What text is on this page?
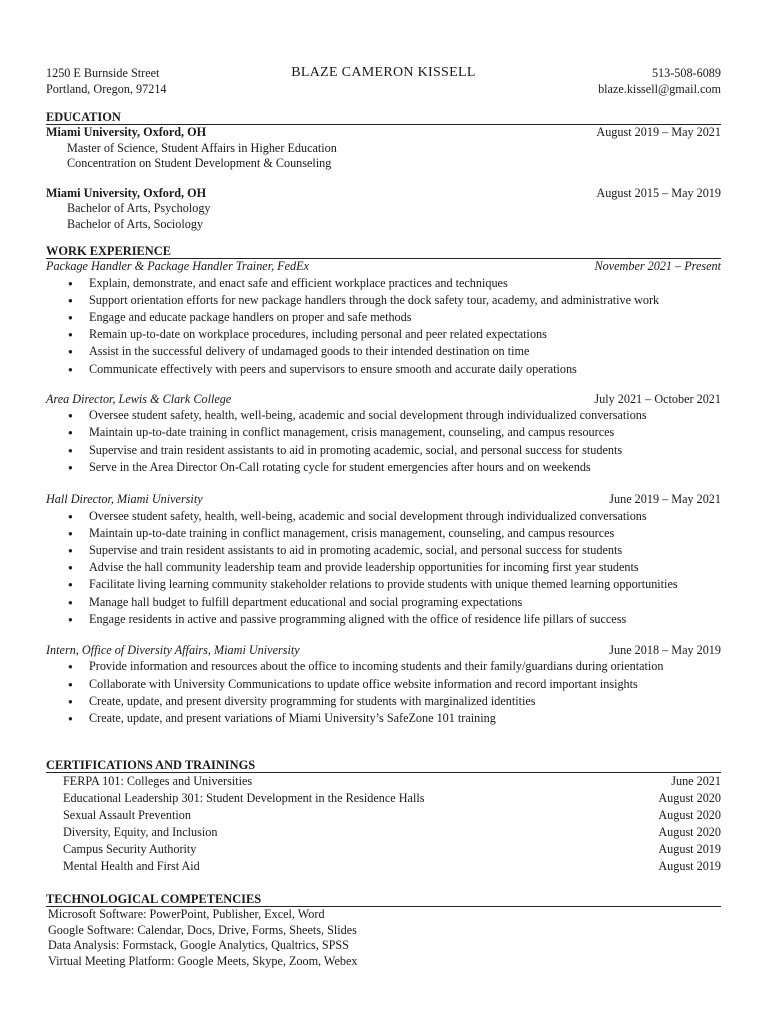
1250 E Burnside Street
Portland, Oregon, 97214
BLAZE CAMERON KISSELL	513-508-6089
blaze.kissell@gmail.com
EDUCATION
Miami University, Oxford, OH	August 2019 – May 2021
Master of Science, Student Affairs in Higher Education
Concentration on Student Development & Counseling
Miami University, Oxford, OH	August 2015 – May 2019
Bachelor of Arts, Psychology
Bachelor of Arts, Sociology
WORK EXPERIENCE
Package Handler & Package Handler Trainer, FedEx	November 2021 – Present
● Explain, demonstrate, and enact safe and efficient workplace practices and techniques
● Support orientation efforts for new package handlers through the dock safety tour, academy, and administrative work
● Engage and educate package handlers on proper and safe methods
● Remain up-to-date on workplace procedures, including personal and peer related expectations
● Assist in the successful delivery of undamaged goods to their intended destination on time
● Communicate effectively with peers and supervisors to ensure smooth and accurate daily operations
Area Director, Lewis & Clark College	July 2021 – October 2021
● Oversee student safety, health, well-being, academic and social development through individualized conversations
● Maintain up-to-date training in conflict management, crisis management, counseling, and campus resources
● Supervise and train resident assistants to aid in promoting academic, social, and personal success for students
● Serve in the Area Director On-Call rotating cycle for student emergencies after hours and on weekends
Hall Director, Miami University	June 2019 – May 2021
● Oversee student safety, health, well-being, academic and social development through individualized conversations
● Maintain up-to-date training in conflict management, crisis management, counseling, and campus resources
● Supervise and train resident assistants to aid in promoting academic, social, and personal success for students
● Advise the hall community leadership team and provide leadership opportunities for incoming first year students
● Facilitate living learning community stakeholder relations to provide students with unique themed learning opportunities
● Manage hall budget to fulfill department educational and social programing expectations
● Engage residents in active and passive programming aligned with the office of residence life pillars of success
Intern, Office of Diversity Affairs, Miami University	June 2018 – May 2019
● Provide information and resources about the office to incoming students and their family/guardians during orientation
● Collaborate with University Communications to update office website information and record important insights
● Create, update, and present diversity programming for students with marginalized identities
● Create, update, and present variations of Miami University’s SafeZone 101 training
CERTIFICATIONS AND TRAININGS
FERPA 101: Colleges and Universities	June 2021
Educational Leadership 301: Student Development in the Residence Halls	August 2020
Sexual Assault Prevention	August 2020
Diversity, Equity, and Inclusion	August 2020
Campus Security Authority	August 2019
Mental Health and First Aid	August 2019
TECHNOLOGICAL COMPETENCIES
Microsoft Software: PowerPoint, Publisher, Excel, Word
Google Software: Calendar, Docs, Drive, Forms, Sheets, Slides
Data Analysis: Formstack, Google Analytics, Qualtrics, SPSS
Virtual Meeting Platform: Google Meets, Skype, Zoom, Webex
